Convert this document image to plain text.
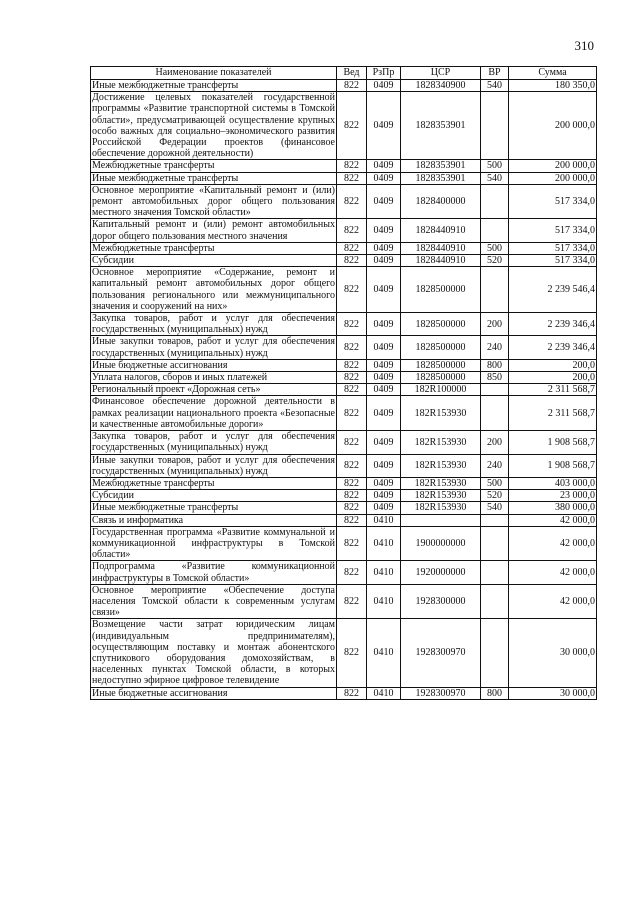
310
Наименование показателей	Вед	РзПр	ЦСР	ВР	Сумма
Иные межбюджетные трансферты	822	0409	1828340900	540	180 350,0
Достижение целевых показателей государственной программы «Развитие транспортной системы в Томской области», предусматривающей осуществление крупных особо важных для социально–экономического развития Российской Федерации проектов (финансовое обеспечение дорожной деятельности)	822	0409	1828353901		200 000,0
Межбюджетные трансферты	822	0409	1828353901	500	200 000,0
Иные межбюджетные трансферты	822	0409	1828353901	540	200 000,0
Основное мероприятие «Капитальный ремонт и (или) ремонт автомобильных дорог общего пользования местного значения Томской области»	822	0409	1828400000		517 334,0
Капитальный ремонт и (или) ремонт автомобильных дорог общего пользования местного значения	822	0409	1828440910		517 334,0
Межбюджетные трансферты	822	0409	1828440910	500	517 334,0
Субсидии	822	0409	1828440910	520	517 334,0
Основное мероприятие «Содержание, ремонт и капитальный ремонт автомобильных дорог общего пользования регионального или межмуниципального значения и сооружений на них»	822	0409	1828500000		2 239 546,4
Закупка товаров, работ и услуг для обеспечения государственных (муниципальных) нужд	822	0409	1828500000	200	2 239 346,4
Иные закупки товаров, работ и услуг для обеспечения государственных (муниципальных) нужд	822	0409	1828500000	240	2 239 346,4
Иные бюджетные ассигнования	822	0409	1828500000	800	200,0
Уплата налогов, сборов и иных платежей	822	0409	1828500000	850	200,0
Региональный проект «Дорожная сеть»	822	0409	182R100000		2 311 568,7
Финансовое обеспечение дорожной деятельности в рамках реализации национального проекта «Безопасные и качественные автомобильные дороги»	822	0409	182R153930		2 311 568,7
Закупка товаров, работ и услуг для обеспечения государственных (муниципальных) нужд	822	0409	182R153930	200	1 908 568,7
Иные закупки товаров, работ и услуг для обеспечения государственных (муниципальных) нужд	822	0409	182R153930	240	1 908 568,7
Межбюджетные трансферты	822	0409	182R153930	500	403 000,0
Субсидии	822	0409	182R153930	520	23 000,0
Иные межбюджетные трансферты	822	0409	182R153930	540	380 000,0
Связь и информатика	822	0410			42 000,0
Государственная программа «Развитие коммунальной и коммуникационной инфраструктуры в Томской области»	822	0410	1900000000		42 000,0
Подпрограмма «Развитие коммуникационной инфраструктуры в Томской области»	822	0410	1920000000		42 000,0
Основное мероприятие «Обеспечение доступа населения Томской области к современным услугам связи»	822	0410	1928300000		42 000,0
Возмещение части затрат юридическим лицам (индивидуальным предпринимателям), осуществляющим поставку и монтаж абонентского спутникового оборудования домохозяйствам, в населенных пунктах Томской области, в которых недоступно эфирное цифровое телевидение	822	0410	1928300970		30 000,0
Иные бюджетные ассигнования	822	0410	1928300970	800	30 000,0
